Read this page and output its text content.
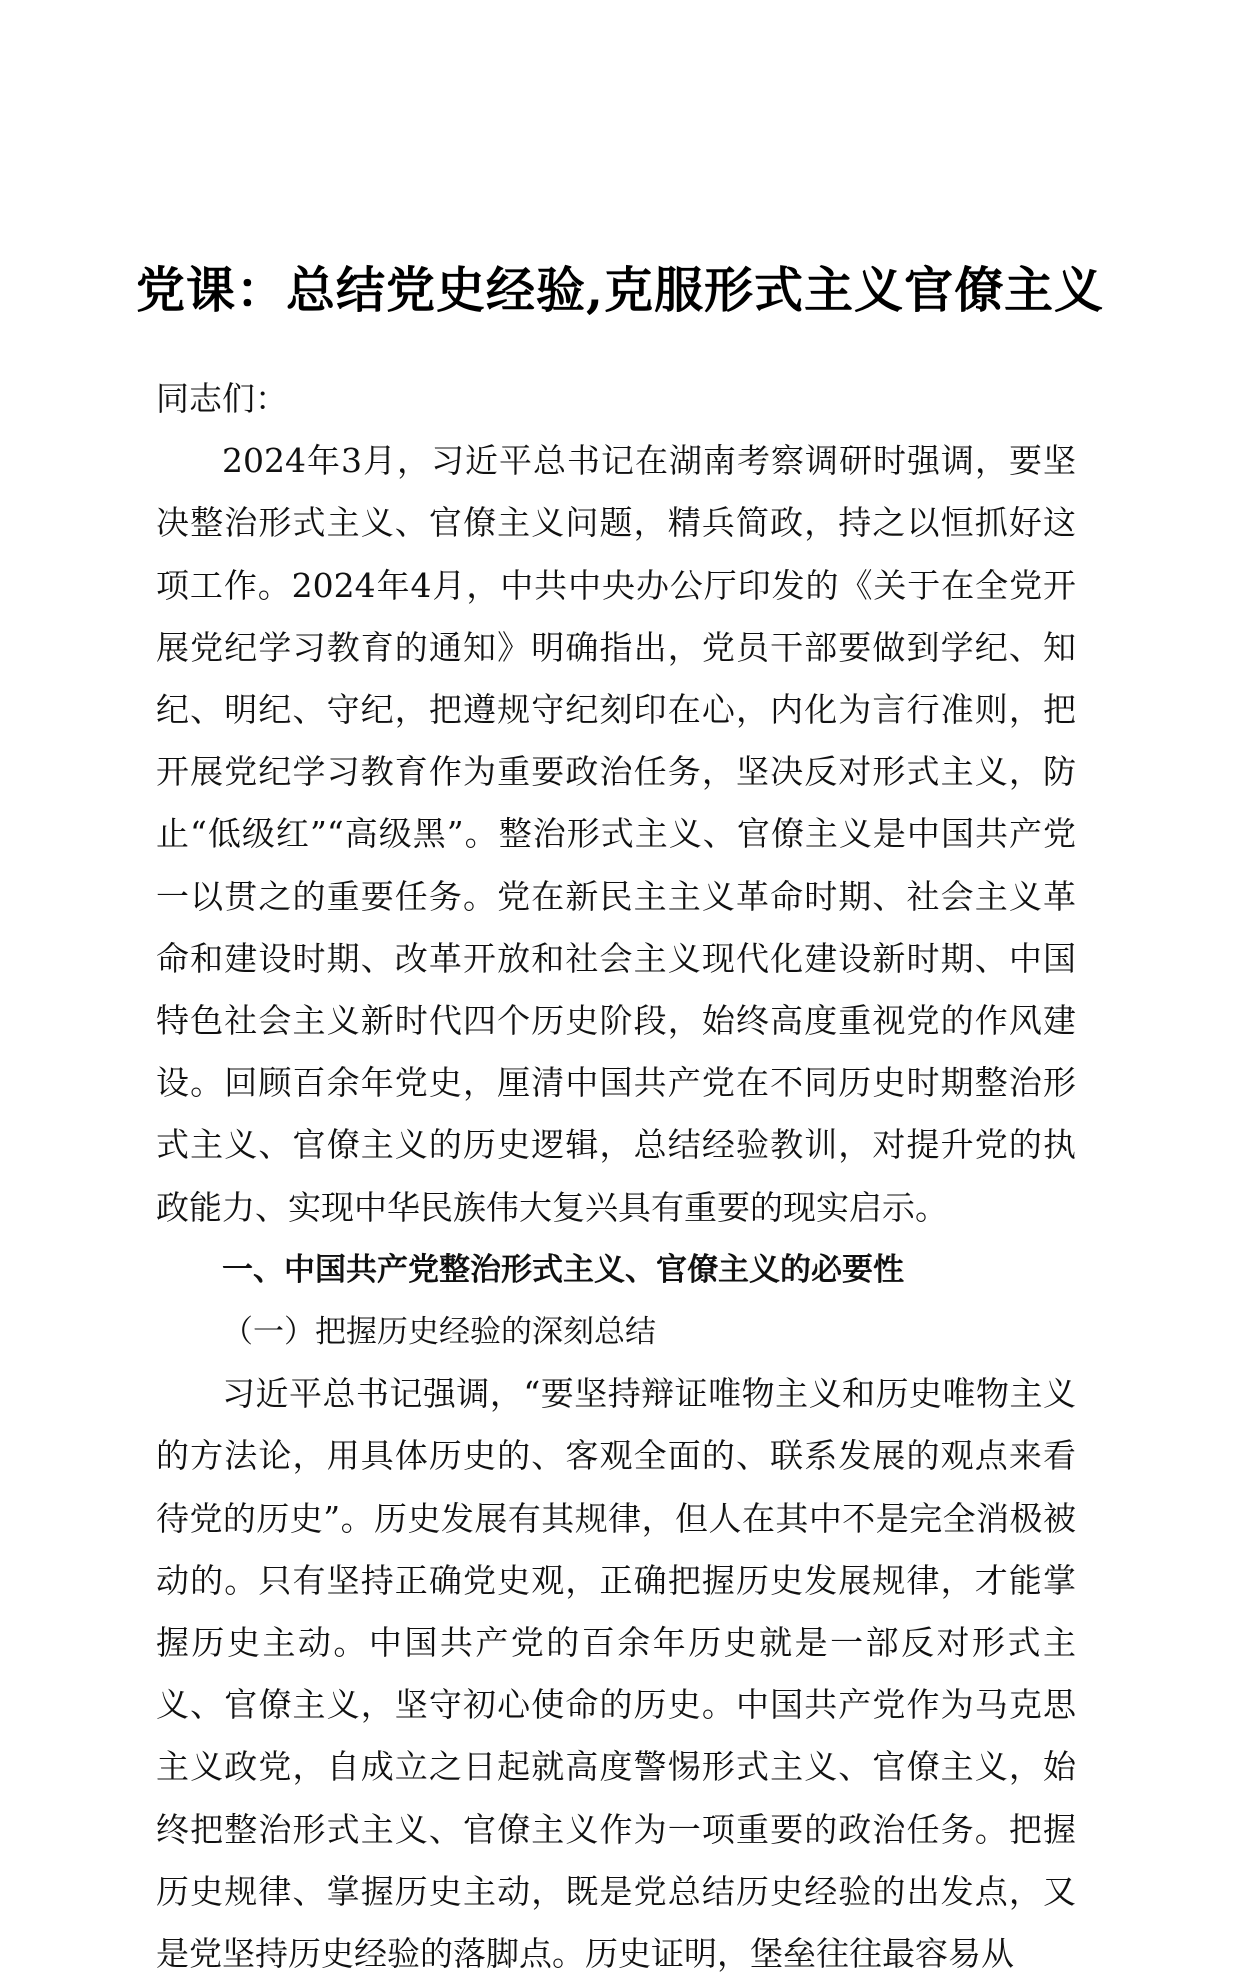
党课：总结党史经验,克服形式主义官僚主义

同志们：

2024年3月，习近平总书记在湖南考察调研时强调，要坚决整治形式主义、官僚主义问题，精兵简政，持之以恒抓好这项工作。2024年4月，中共中央办公厅印发的《关于在全党开展党纪学习教育的通知》明确指出，党员干部要做到学纪、知纪、明纪、守纪，把遵规守纪刻印在心，内化为言行准则，把开展党纪学习教育作为重要政治任务，坚决反对形式主义，防止“低级红”“高级黑”。整治形式主义、官僚主义是中国共产党一以贯之的重要任务。党在新民主主义革命时期、社会主义革命和建设时期、改革开放和社会主义现代化建设新时期、中国特色社会主义新时代四个历史阶段，始终高度重视党的作风建设。回顾百余年党史，厘清中国共产党在不同历史时期整治形式主义、官僚主义的历史逻辑，总结经验教训，对提升党的执政能力、实现中华民族伟大复兴具有重要的现实启示。

一、中国共产党整治形式主义、官僚主义的必要性

（一）把握历史经验的深刻总结

习近平总书记强调，“要坚持辩证唯物主义和历史唯物主义的方法论，用具体历史的、客观全面的、联系发展的观点来看待党的历史”。历史发展有其规律，但人在其中不是完全消极被动的。只有坚持正确党史观，正确把握历史发展规律，才能掌握历史主动。中国共产党的百余年历史就是一部反对形式主义、官僚主义，坚守初心使命的历史。中国共产党作为马克思主义政党，自成立之日起就高度警惕形式主义、官僚主义，始终把整治形式主义、官僚主义作为一项重要的政治任务。把握历史规律、掌握历史主动，既是党总结历史经验的出发点，又是党坚持历史经验的落脚点。历史证明，堡垒往往最容易从
